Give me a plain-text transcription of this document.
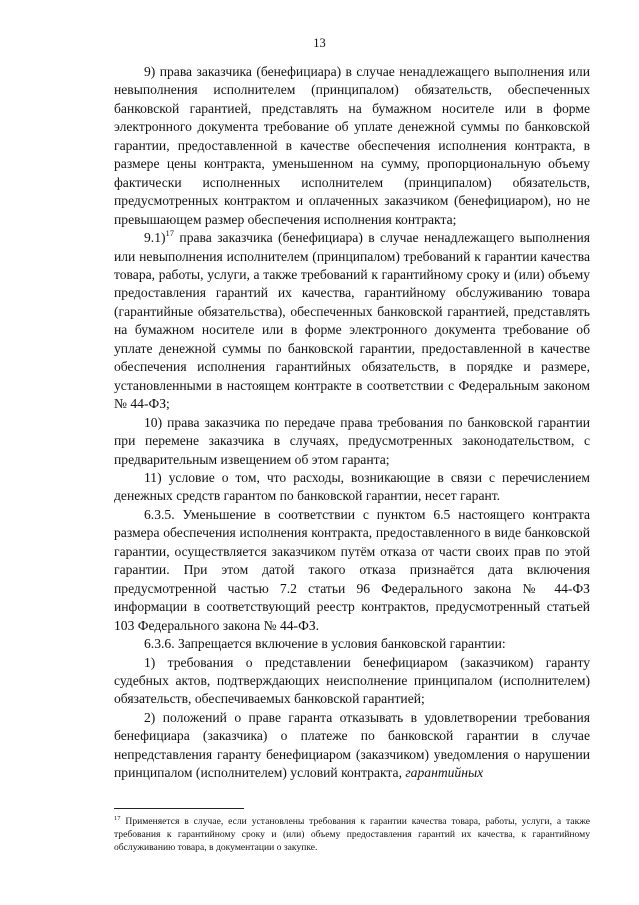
13

9) права заказчика (бенефициара) в случае ненадлежащего выполнения или невыполнения исполнителем (принципалом) обязательств, обеспеченных банковской гарантией, представлять на бумажном носителе или в форме электронного документа требование об уплате денежной суммы по банковской гарантии, предоставленной в качестве обеспечения исполнения контракта, в размере цены контракта, уменьшенном на сумму, пропорциональную объему фактически исполненных исполнителем (принципалом) обязательств, предусмотренных контрактом и оплаченных заказчиком (бенефициаром), но не превышающем размер обеспечения исполнения контракта;

9.1)$^{17}$ права заказчика (бенефициара) в случае ненадлежащего выполнения или невыполнения исполнителем (принципалом) требований к гарантии качества товара, работы, услуги, а также требований к гарантийному сроку и (или) объему предоставления гарантий их качества, гарантийному обслуживанию товара (гарантийные обязательства), обеспеченных банковской гарантией, представлять на бумажном носителе или в форме электронного документа требование об уплате денежной суммы по банковской гарантии, предоставленной в качестве обеспечения исполнения гарантийных обязательств, в порядке и размере, установленными в настоящем контракте в соответствии с Федеральным законом № 44-ФЗ;

10) права заказчика по передаче права требования по банковской гарантии при перемене заказчика в случаях, предусмотренных законодательством, с предварительным извещением об этом гаранта;

11) условие о том, что расходы, возникающие в связи с перечислением денежных средств гарантом по банковской гарантии, несет гарант.

6.3.5. Уменьшение в соответствии с пунктом 6.5 настоящего контракта размера обеспечения исполнения контракта, предоставленного в виде банковской гарантии, осуществляется заказчиком путём отказа от части своих прав по этой гарантии. При этом датой такого отказа признаётся дата включения предусмотренной частью 7.2 статьи 96 Федерального закона № 44-ФЗ информации в соответствующий реестр контрактов, предусмотренный статьей 103 Федерального закона № 44-ФЗ.

6.3.6. Запрещается включение в условия банковской гарантии:

1) требования о представлении бенефициаром (заказчиком) гаранту судебных актов, подтверждающих неисполнение принципалом (исполнителем) обязательств, обеспечиваемых банковской гарантией;

2) положений о праве гаранта отказывать в удовлетворении требования бенефициара (заказчика) о платеже по банковской гарантии в случае непредставления гаранту бенефициаром (заказчиком) уведомления о нарушении принципалом (исполнителем) условий контракта, гарантийных

$^{17}$ Применяется в случае, если установлены требования к гарантии качества товара, работы, услуги, а также требования к гарантийному сроку и (или) объему предоставления гарантий их качества, к гарантийному обслуживанию товара, в документации о закупке.
